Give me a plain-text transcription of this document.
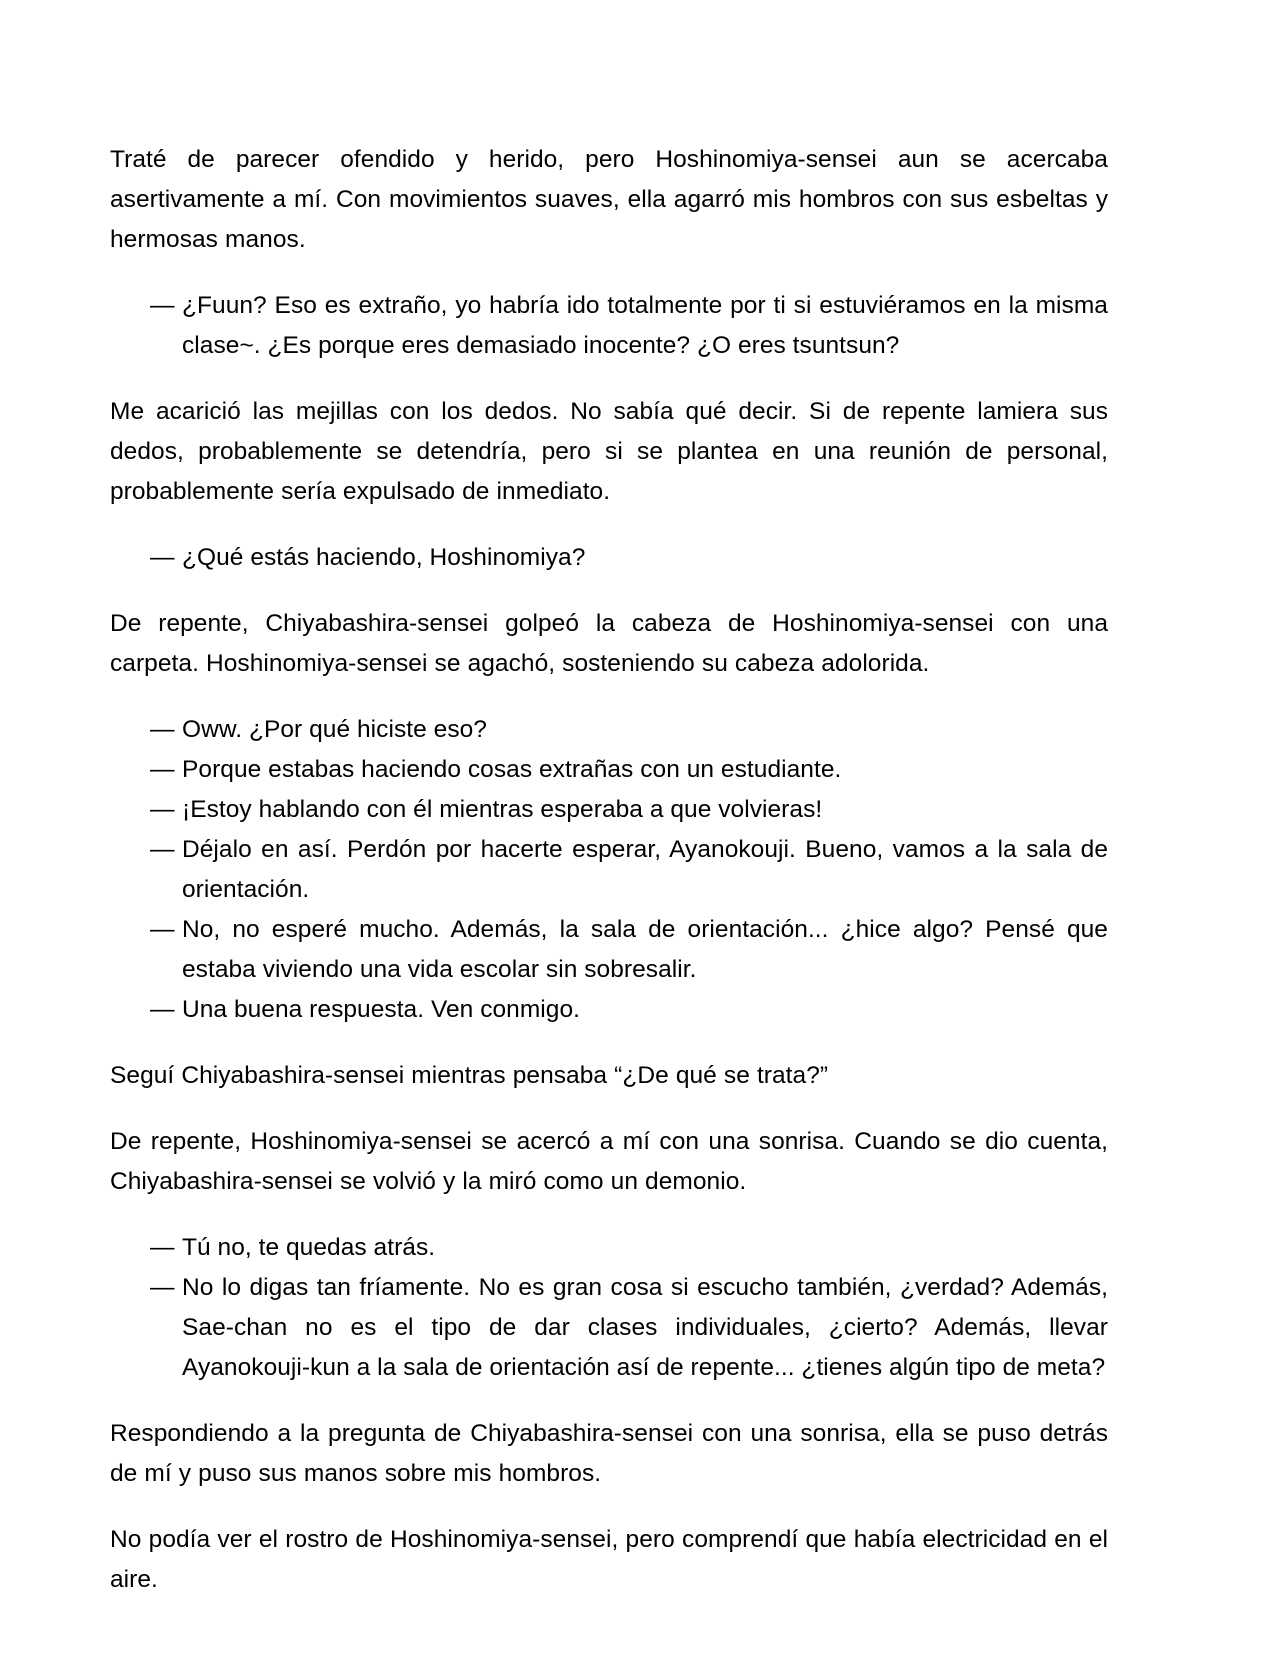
Traté de parecer ofendido y herido, pero Hoshinomiya-sensei aun se acercaba asertivamente a mí. Con movimientos suaves, ella agarró mis hombros con sus esbeltas y hermosas manos.

— ¿Fuun? Eso es extraño, yo habría ido totalmente por ti si estuviéramos en la misma clase~. ¿Es porque eres demasiado inocente? ¿O eres tsuntsun?

Me acarició las mejillas con los dedos. No sabía qué decir. Si de repente lamiera sus dedos, probablemente se detendría, pero si se plantea en una reunión de personal, probablemente sería expulsado de inmediato.

— ¿Qué estás haciendo, Hoshinomiya?

De repente, Chiyabashira-sensei golpeó la cabeza de Hoshinomiya-sensei con una carpeta. Hoshinomiya-sensei se agachó, sosteniendo su cabeza adolorida.

— Oww. ¿Por qué hiciste eso?
— Porque estabas haciendo cosas extrañas con un estudiante.
— ¡Estoy hablando con él mientras esperaba a que volvieras!
— Déjalo en así. Perdón por hacerte esperar, Ayanokouji. Bueno, vamos a la sala de orientación.
— No, no esperé mucho. Además, la sala de orientación... ¿hice algo? Pensé que estaba viviendo una vida escolar sin sobresalir.
— Una buena respuesta. Ven conmigo.

Seguí Chiyabashira-sensei mientras pensaba “¿De qué se trata?”

De repente, Hoshinomiya-sensei se acercó a mí con una sonrisa. Cuando se dio cuenta, Chiyabashira-sensei se volvió y la miró como un demonio.

— Tú no, te quedas atrás.
— No lo digas tan fríamente. No es gran cosa si escucho también, ¿verdad? Además, Sae-chan no es el tipo de dar clases individuales, ¿cierto? Además, llevar Ayanokouji-kun a la sala de orientación así de repente... ¿tienes algún tipo de meta?

Respondiendo a la pregunta de Chiyabashira-sensei con una sonrisa, ella se puso detrás de mí y puso sus manos sobre mis hombros.

No podía ver el rostro de Hoshinomiya-sensei, pero comprendí que había electricidad en el aire.
